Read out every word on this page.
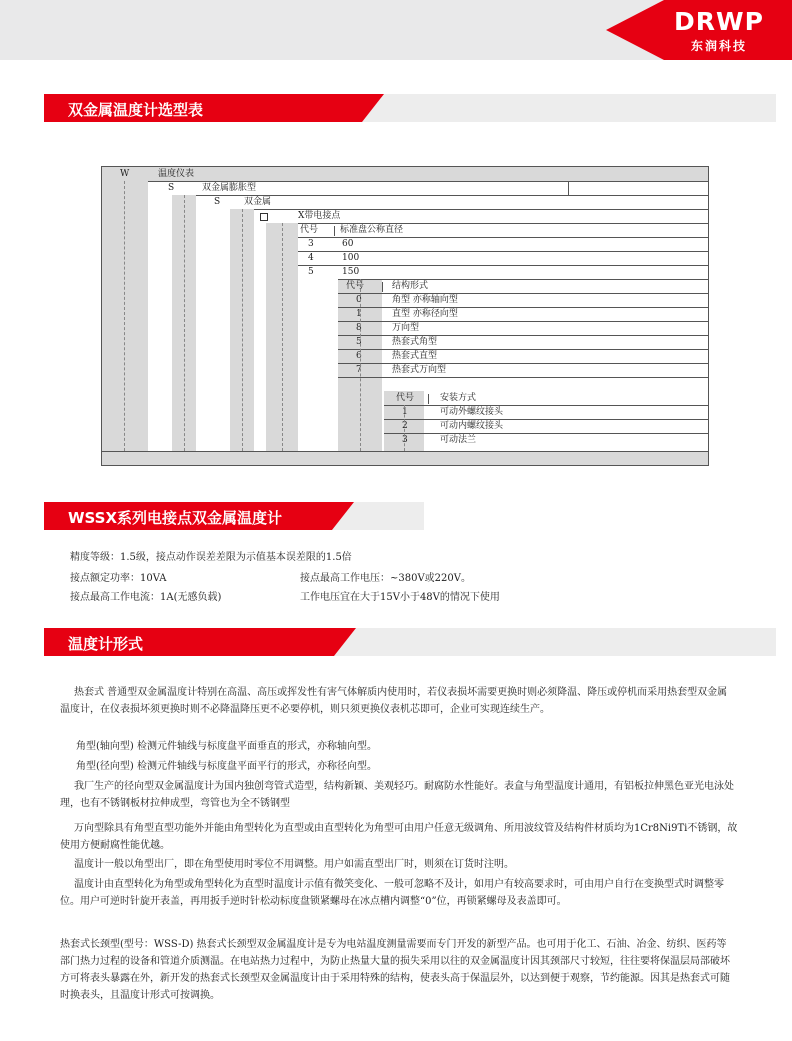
DRWP
东润科技
双金属温度计选型表
W	温度仪表
S	双金属膨胀型
S	双金属
X带电接点
代号 标准盘公称直径
3	60
4	100
5	150
代号	结构形式
0	角型 亦称轴向型
1	直型 亦称径向型
8	万向型
5	热套式角型
6	热套式直型
7	热套式万向型
代号	安装方式
1	可动外螺纹接头
2	可动内螺纹接头
3	可动法兰
WSSX系列电接点双金属温度计
精度等级：1.5级，接点动作误差差限为示值基本误差限的1.5倍
接点额定功率：10VA	接点最高工作电压：~380V或220V。
接点最高工作电流：1A(无感负载)	工作电压宜在大于15V小于48V的情况下使用
温度计形式
热套式 普通型双金属温度计特别在高温、高压或挥发性有害气体解质内使用时，若仪表损坏需要更换时则必须降温、降压或停机而采用热套型双金属温度计，在仪表损坏须更换时则不必降温降压更不必要停机，则只须更换仪表机芯即可，企业可实现连续生产。
角型(轴向型) 检测元件轴线与标度盘平面垂直的形式，亦称轴向型。
角型(径向型) 检测元件轴线与标度盘平面平行的形式，亦称径向型。
我厂生产的径向型双金属温度计为国内独创弯管式造型，结构新颖、美观轻巧。耐腐防水性能好。表盒与角型温度计通用，有铝板拉伸黑色亚光电泳处理，也有不锈钢板材拉伸成型，弯管也为全不锈钢型
万向型除具有角型直型功能外并能由角型转化为直型或由直型转化为角型可由用户任意无级调角、所用波纹管及结构件材质均为1Cr8Ni9Ti不锈钢，故使用方便耐腐性能优越。
温度计一般以角型出厂，即在角型使用时零位不用调整。用户如需直型出厂时，则须在订货时注明。
温度计由直型转化为角型或角型转化为直型时温度计示值有微笑变化、一般可忽略不及计，如用户有较高要求时，可由用户自行在变换型式时调整零位。用户可逆时针旋开表盖，再用扳手逆时针松动标度盘锁紧螺母在冰点槽内调整“0”位，再锁紧螺母及表盖即可。
热套式长颈型(型号：WSS-D) 热套式长颈型双金属温度计是专为电站温度测量需要而专门开发的新型产品。也可用于化工、石油、冶金、纺织、医药等部门热力过程的设备和管道介质测温。在电站热力过程中，为防止热量大量的损失采用以往的双金属温度计因其颈部尺寸较短，往往要将保温层局部破坏方可将表头暴露在外，新开发的热套式长颈型双金属温度计由于采用特殊的结构，使表头高于保温层外，以达到便于观察，节约能源。因其是热套式可随时换表头，且温度计形式可按调换。
